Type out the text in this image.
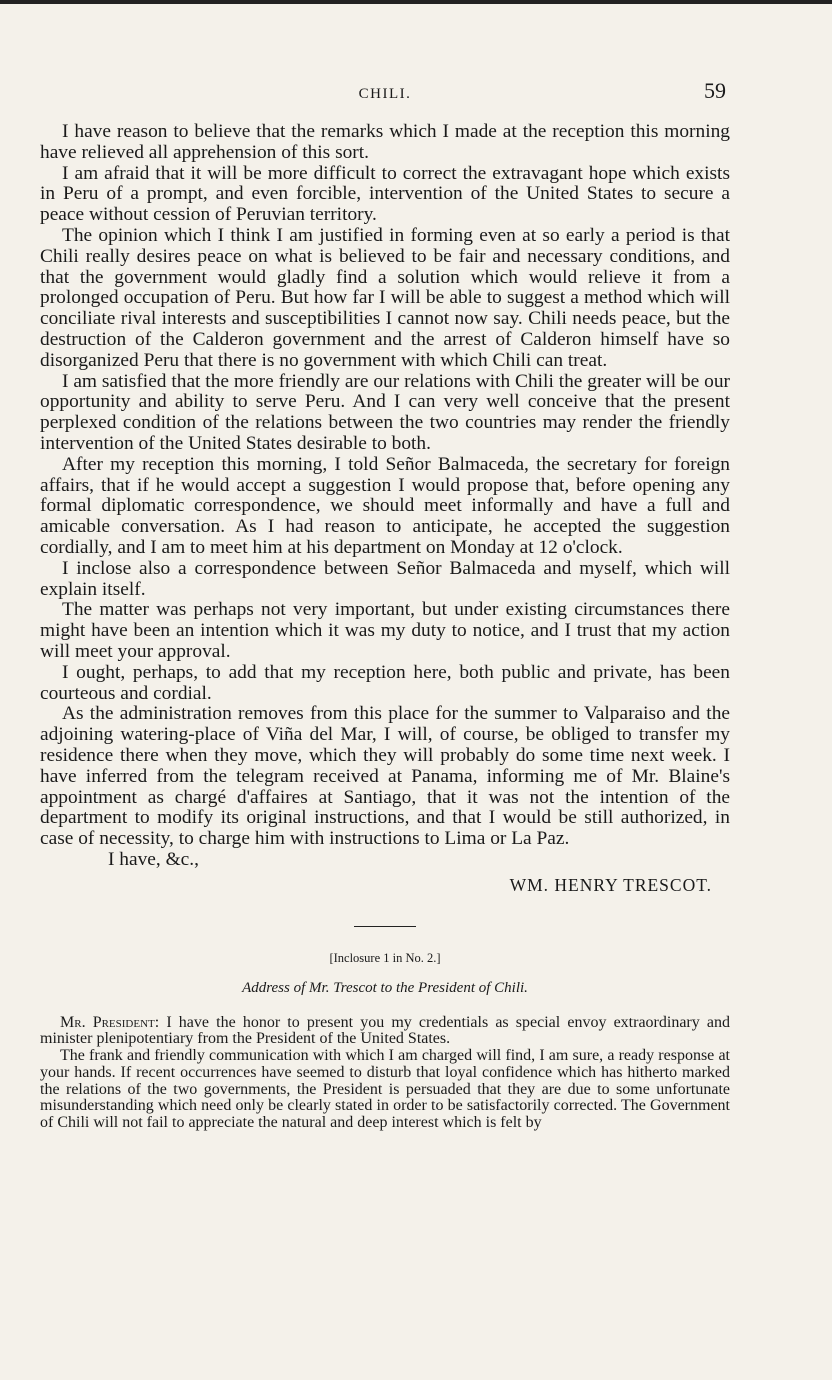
CHILI.	59

I have reason to believe that the remarks which I made at the reception this morning have relieved all apprehension of this sort.

I am afraid that it will be more difficult to correct the extravagant hope which exists in Peru of a prompt, and even forcible, intervention of the United States to secure a peace without cession of Peruvian territory.

The opinion which I think I am justified in forming even at so early a period is that Chili really desires peace on what is believed to be fair and necessary conditions, and that the government would gladly find a solution which would relieve it from a prolonged occupation of Peru. But how far I will be able to suggest a method which will conciliate rival interests and susceptibilities I cannot now say. Chili needs peace, but the destruction of the Calderon government and the arrest of Calderon himself have so disorganized Peru that there is no government with which Chili can treat.

I am satisfied that the more friendly are our relations with Chili the greater will be our opportunity and ability to serve Peru. And I can very well conceive that the present perplexed condition of the relations between the two countries may render the friendly intervention of the United States desirable to both.

After my reception this morning, I told Señor Balmaceda, the secretary for foreign affairs, that if he would accept a suggestion I would propose that, before opening any formal diplomatic correspondence, we should meet informally and have a full and amicable conversation. As I had reason to anticipate, he accepted the suggestion cordially, and I am to meet him at his department on Monday at 12 o'clock.

I inclose also a correspondence between Señor Balmaceda and myself, which will explain itself.

The matter was perhaps not very important, but under existing circumstances there might have been an intention which it was my duty to notice, and I trust that my action will meet your approval.

I ought, perhaps, to add that my reception here, both public and private, has been courteous and cordial.

As the administration removes from this place for the summer to Valparaiso and the adjoining watering-place of Viña del Mar, I will, of course, be obliged to transfer my residence there when they move, which they will probably do some time next week. I have inferred from the telegram received at Panama, informing me of Mr. Blaine's appointment as chargé d'affaires at Santiago, that it was not the intention of the department to modify its original instructions, and that I would be still authorized, in case of necessity, to charge him with instructions to Lima or La Paz.

I have, &c.,

WM. HENRY TRESCOT.

[Inclosure 1 in No. 2.]

Address of Mr. Trescot to the President of Chili.

Mr. President: I have the honor to present you my credentials as special envoy extraordinary and minister plenipotentiary from the President of the United States.

The frank and friendly communication with which I am charged will find, I am sure, a ready response at your hands. If recent occurrences have seemed to disturb that loyal confidence which has hitherto marked the relations of the two governments, the President is persuaded that they are due to some unfortunate misunderstanding which need only be clearly stated in order to be satisfactorily corrected. The Government of Chili will not fail to appreciate the natural and deep interest which is felt by
